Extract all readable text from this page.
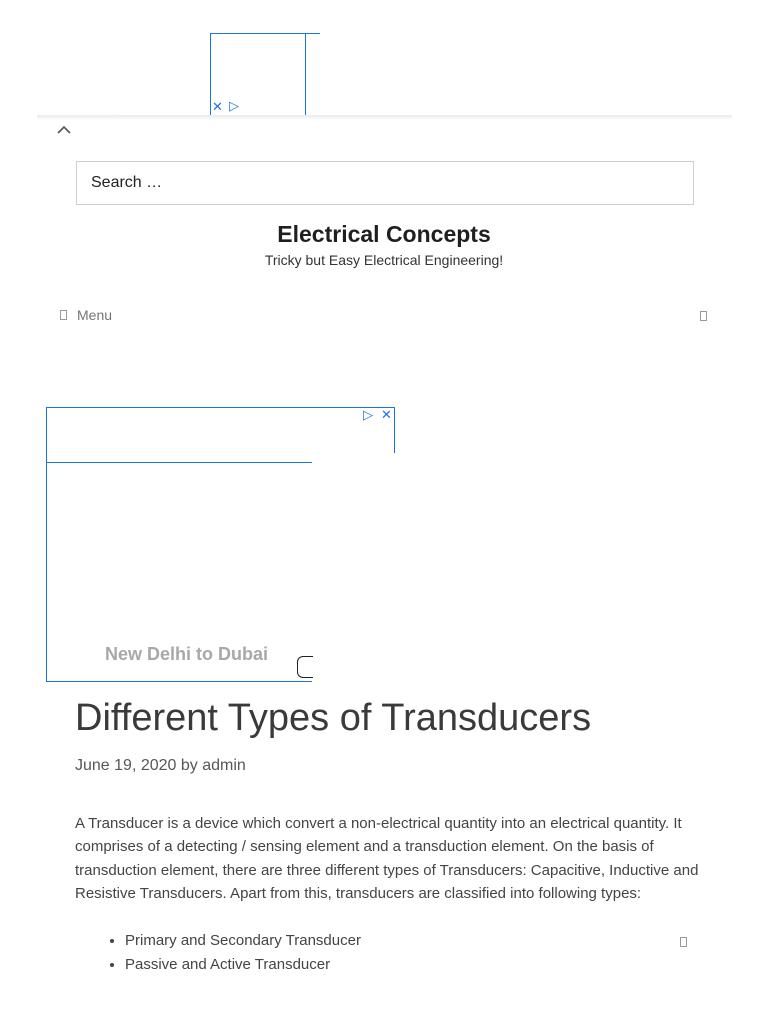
✕ ▷
Search …
Electrical Concepts
Tricky but Easy Electrical Engineering!
Menu
▷ ✕
New Delhi to Dubai
Different Types of Transducers
June 19, 2020 by admin

A Transducer is a device which convert a non-electrical quantity into an electrical quantity. It comprises of a detecting / sensing element and a transduction element. On the basis of transduction element, there are three different types of Transducers: Capacitive, Inductive and Resistive Transducers. Apart from this, transducers are classified into following types:

• Primary and Secondary Transducer
• Passive and Active Transducer
